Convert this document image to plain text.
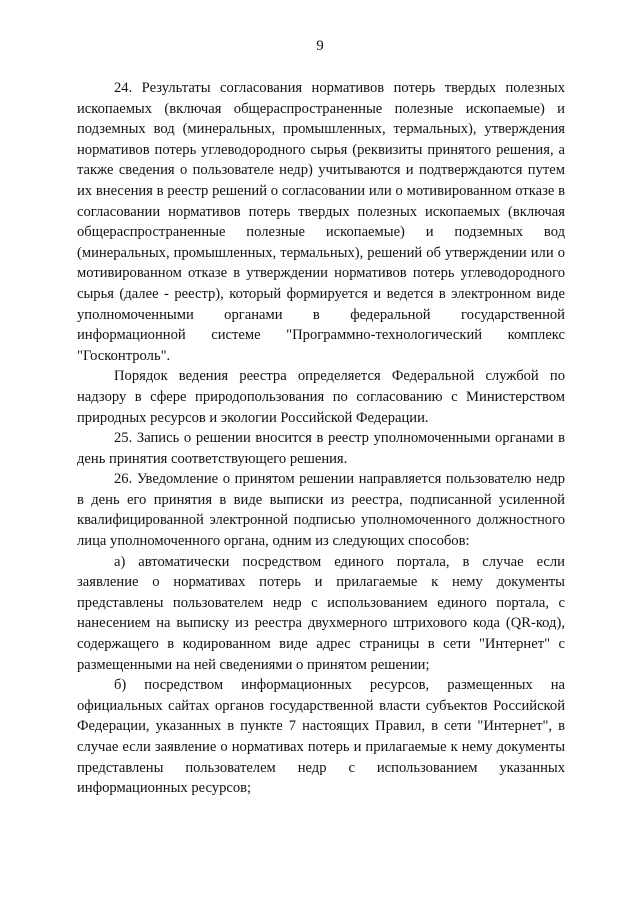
9

24. Результаты согласования нормативов потерь твердых полезных ископаемых (включая общераспространенные полезные ископаемые) и подземных вод (минеральных, промышленных, термальных), утверждения нормативов потерь углеводородного сырья (реквизиты принятого решения, а также сведения о пользователе недр) учитываются и подтверждаются путем их внесения в реестр решений о согласовании или о мотивированном отказе в согласовании нормативов потерь твердых полезных ископаемых (включая общераспространенные полезные ископаемые) и подземных вод (минеральных, промышленных, термальных), решений об утверждении или о мотивированном отказе в утверждении нормативов потерь углеводородного сырья (далее - реестр), который формируется и ведется в электронном виде уполномоченными органами в федеральной государственной информационной системе "Программно-технологический комплекс "Госконтроль".

Порядок ведения реестра определяется Федеральной службой по надзору в сфере природопользования по согласованию с Министерством природных ресурсов и экологии Российской Федерации.

25. Запись о решении вносится в реестр уполномоченными органами в день принятия соответствующего решения.

26. Уведомление о принятом решении направляется пользователю недр в день его принятия в виде выписки из реестра, подписанной усиленной квалифицированной электронной подписью уполномоченного должностного лица уполномоченного органа, одним из следующих способов:

а) автоматически посредством единого портала, в случае если заявление о нормативах потерь и прилагаемые к нему документы представлены пользователем недр с использованием единого портала, с нанесением на выписку из реестра двухмерного штрихового кода (QR-код), содержащего в кодированном виде адрес страницы в сети "Интернет" с размещенными на ней сведениями о принятом решении;

б) посредством информационных ресурсов, размещенных на официальных сайтах органов государственной власти субъектов Российской Федерации, указанных в пункте 7 настоящих Правил, в сети "Интернет", в случае если заявление о нормативах потерь и прилагаемые к нему документы представлены пользователем недр с использованием указанных информационных ресурсов;
